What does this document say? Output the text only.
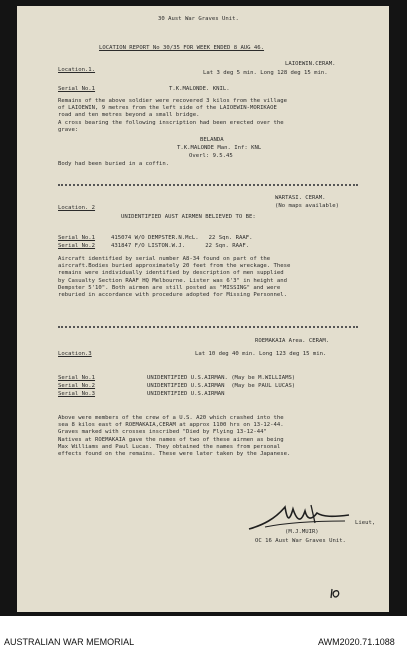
30 Aust War Graves Unit.
LOCATION REPORT No 30/35 FOR WEEK ENDED 8 AUG 46.
LAIOEWIN.CERAM.
Location.1.	Lat 3 deg 5 min. Long 128 deg 15 min.
Serial No.1	T.K.MALONDE. KNIL.
Remains of the above soldier were recovered 3 kilos from the village
of LAIOEWIN, 9 metres from the left side of the LAIOEWIN-MORIKAOE
road and ten metres beyond a small bridge.
A cross bearing the following inscription had been erected over the
grave:
BELANDA
T.K.MALONDE Man. Inf: KNL
Overl: 9.5.45
Body had been buried in a coffin.
WARTASI. CERAM.
(No maps available)
Location. 2
UNIDENTIFIED AUST AIRMEN BELIEVED TO BE:
Serial No.1	415074 W/O DEMPSTER.N.McL.   22 Sqn. RAAF.
Serial No.2	431847 F/O LISTON.W.J.      22 Sqn. RAAF.
Aircraft identified by serial number A8-34 found on part of the
aircraft.Bodies buried approximately 20 feet from the wreckage. These
remains were individually identified by description of men supplied
by Casualty Section RAAF HQ Melbourne. Lister was 6'3" in height and
Dempster 5'10". Both airmen are still posted as "MISSING" and were
reburied in accordance with procedure adopted for Missing Personnel.
ROEMAKAIA Area. CERAM.
Location.3	Lat 10 deg 40 min. Long 123 deg 15 min.
Serial No.1	UNIDENTIFIED U.S.AIRMAN. (May be M.WILLIAMS)
Serial No.2	UNIDENTIFIED U.S.AIRMAN  (May be PAUL LUCAS)
Serial No.3	UNIDENTIFIED U.S.AIRMAN
Above were members of the crew of a U.S. A20 which crashed into the
sea 8 kilos east of ROEMAKAIA,CERAM at approx 1100 hrs on 13-12-44.
Graves marked with crosses inscribed "Died by Flying 13-12-44"
Natives at ROEMAKAIA gave the names of two of these airmen as being
Max Williams and Paul Lucas. They obtained the names from personal
effects found on the remains. These were later taken by the Japanese.
Lieut,
(M.J.MUIR)
OC 16 Aust War Graves Unit.
AUSTRALIAN WAR MEMORIAL	AWM2020.71.1088
